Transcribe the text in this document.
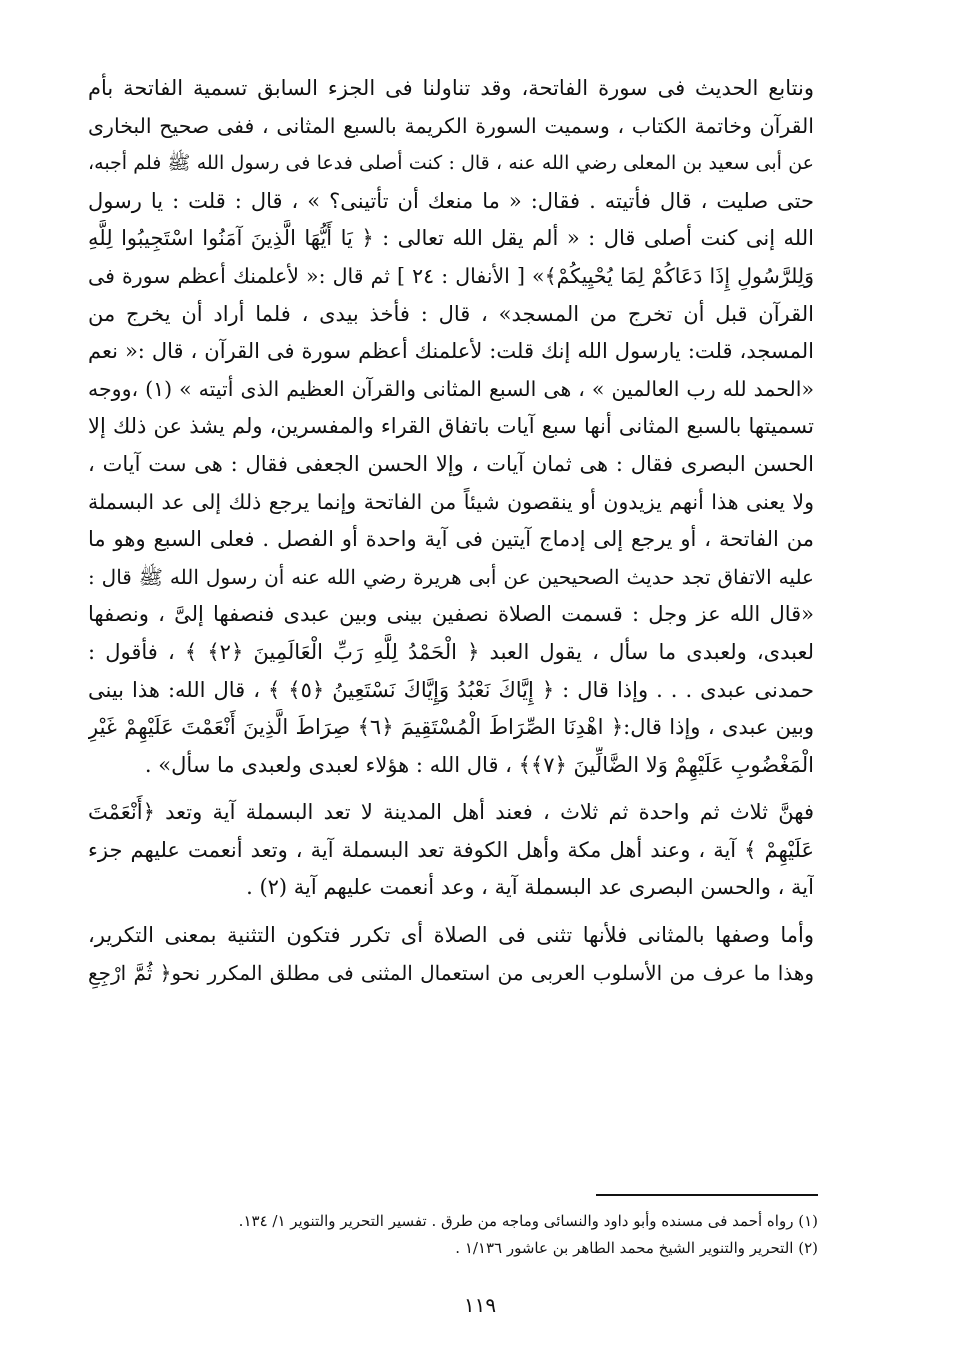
ونتابع الحديث فى سورة الفاتحة، وقد تناولنا فى الجزء السابق تسمية الفاتحة بأم
القرآن وخاتمة الكتاب ، وسميت السورة الكريمة بالسبع المثانى ، ففى صحيح البخارى
عن أبى سعيد بن المعلى رضي الله عنه ، قال : كنت أصلى فدعا فى رسول الله ﷺ فلم أجبه،
حتى صليت ، قال فأتيته . فقال: « ما منعك أن تأتينى؟ » ، قال : قلت : يا رسول
الله إنى كنت أصلى قال : « ألم يقل الله تعالى : ﴿ يَا أَيُّهَا الَّذِينَ آمَنُوا اسْتَجِيبُوا لِلَّهِ
وَلِلرَّسُولِ إِذَا دَعَاكُمْ لِمَا يُحْيِيكُمْ﴾» [ الأنفال : ٢٤ ] ثم قال :« لأعلمنك أعظم سورة فى
القرآن قبل أن تخرج من المسجد» ، قال : فأخذ بيدى ، فلما أراد أن يخرج من
المسجد، قلت: يارسول الله إنك قلت: لأعلمنك أعظم سورة فى القرآن ، قال :« نعم
«الحمد لله رب العالمين » ، هى السبع المثانى والقرآن العظيم الذى أتيته » (١) ،ووجه
تسميتها بالسبع المثانى أنها سبع آيات باتفاق القراء والمفسرين، ولم يشذ عن ذلك إلا
الحسن البصرى فقال : هى ثمان آيات ، وإلا الحسن الجعفى فقال : هى ست آيات ،
ولا يعنى هذا أنهم يزيدون أو ينقصون شيئاً من الفاتحة وإنما يرجع ذلك إلى عد البسملة
من الفاتحة ، أو يرجع إلى إدماج آيتين فى آية واحدة أو الفصل . فعلى السبع وهو ما
عليه الاتفاق تجد حديث الصحيحين عن أبى هريرة رضي الله عنه أن رسول الله ﷺ قال :
«قال الله عز وجل : قسمت الصلاة نصفين بينى وبين عبدى فنصفها إلىَّ ، ونصفها
لعبدى، ولعبدى ما سأل ، يقول العبد ﴿ الْحَمْدُ لِلَّهِ رَبِّ الْعَالَمِينَ ﴿٢﴾ ﴾ ، فأقول :
حمدنى عبدى . . . وإذا قال : ﴿ إِيَّاكَ نَعْبُدُ وَإِيَّاكَ نَسْتَعِينُ ﴿٥﴾ ﴾ ، قال الله: هذا بينى
وبين عبدى ، وإذا قال:﴿ اهْدِنَا الصِّرَاطَ الْمُسْتَقِيمَ ﴿٦﴾ صِرَاطَ الَّذِينَ أَنْعَمْتَ عَلَيْهِمْ غَيْرِ
الْمَغْضُوبِ عَلَيْهِمْ وَلا الضَّالِّينَ ﴿٧﴾﴾ ، قال الله : هؤلاء لعبدى ولعبدى ما سأل» .
فهنَّ ثلاث ثم واحدة ثم ثلاث ، فعند أهل المدينة لا تعد البسملة آية وتعد ﴿أَنْعَمْتَ
عَلَيْهِمْ ﴾ آية ، وعند أهل مكة وأهل الكوفة تعد البسملة آية ، وتعد أنعمت عليهم جزء
آية ، والحسن البصرى عد البسملة آية ، وعد أنعمت عليهم آية (٢) .
وأما وصفها بالمثانى فلأنها تثنى فى الصلاة أى تكرر فتكون التثنية بمعنى التكرير،
وهذا ما عرف من الأسلوب العربى من استعمال المثنى فى مطلق المكرر نحو﴿ ثُمَّ ارْجِعِ
(١) رواه أحمد فى مسنده وأبو داود والنسائى وماجه من طرق . تفسير التحرير والتنوير ١/ ١٣٤.
(٢) التحرير والتنوير الشيخ محمد الطاهر بن عاشور ١/١٣٦ .
١١٩
